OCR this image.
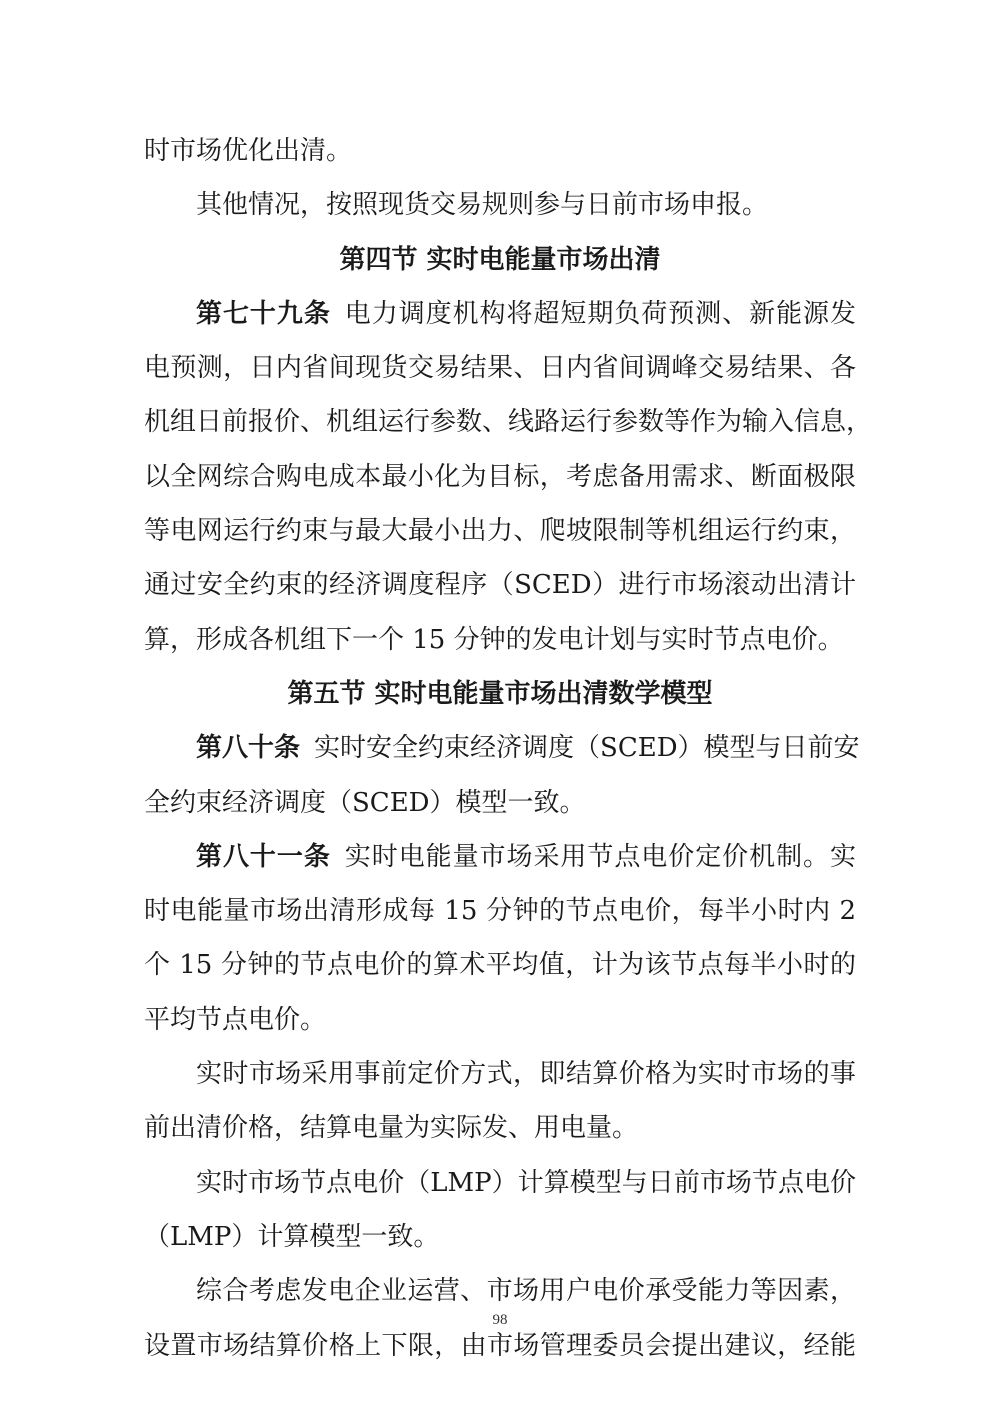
时市场优化出清。
其他情况，按照现货交易规则参与日前市场申报。
第四节 实时电能量市场出清
第七十九条 电力调度机构将超短期负荷预测、新能源发
电预测，日内省间现货交易结果、日内省间调峰交易结果、各
机组日前报价、机组运行参数、线路运行参数等作为输入信息，
以全网综合购电成本最小化为目标，考虑备用需求、断面极限
等电网运行约束与最大最小出力、爬坡限制等机组运行约束，
通过安全约束的经济调度程序（SCED）进行市场滚动出清计
算，形成各机组下一个 15 分钟的发电计划与实时节点电价。
第五节 实时电能量市场出清数学模型
第八十条 实时安全约束经济调度（SCED）模型与日前安
全约束经济调度（SCED）模型一致。
第八十一条 实时电能量市场采用节点电价定价机制。实
时电能量市场出清形成每 15 分钟的节点电价，每半小时内 2
个 15 分钟的节点电价的算术平均值，计为该节点每半小时的
平均节点电价。
实时市场采用事前定价方式，即结算价格为实时市场的事
前出清价格，结算电量为实际发、用电量。
实时市场节点电价（LMP）计算模型与日前市场节点电价
（LMP）计算模型一致。
综合考虑发电企业运营、市场用户电价承受能力等因素，
设置市场结算价格上下限，由市场管理委员会提出建议，经能
98
